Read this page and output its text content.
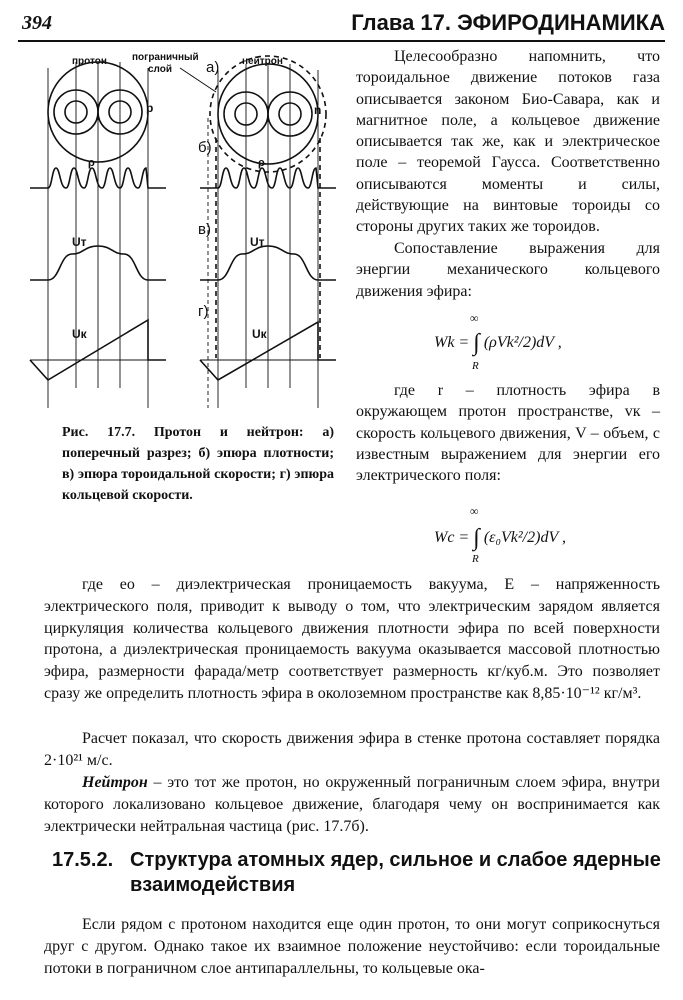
394	Глава 17. ЭФИРОДИНАМИКА
протон	пограничный
слой
нейтрон
а)
б)
в)
г)
р	n
ρ	ρ
Uт	Uт
Uк	Uк
Рис. 17.7. Протон и нейтрон: а) поперечный разрез; б) эпюра плотности; в) эпюра тороидальной скорости; г) эпюра кольцевой скорости.

Целесообразно напомнить, что тороидальное движение потоков газа описывается законом Био-Савара, как и магнитное поле, а кольцевое движение описывается так же, как и электрическое поле – теоремой Гаусса. Соответственно описываются моменты и силы, действующие на винтовые тороиды со стороны других таких же тороидов.

Сопоставление выражения для энергии механического кольцевого движения эфира:

Wk = ∫ (ρVk²/2)dV ,
∞
R

где r – плотность эфира в окружающем протон пространстве, vк – скорость кольцевого движения, V – объем, с известным выражением для энергии его электрического поля:

Wc = ∫ (ε₀Vk²/2)dV ,
∞
R

где eо – диэлектрическая проницаемость вакуума, Е – напряженность электрического поля, приводит к выводу о том, что электрическим зарядом является циркуляция количества кольцевого движения плотности эфира по всей поверхности протона, а диэлектрическая проницаемость вакуума оказывается массовой плотностью эфира, размерности фарада/метр соответствует размерность кг/куб.м. Это позволяет сразу же определить плотность эфира в околоземном пространстве как 8,85·10⁻¹² кг/м³.

Расчет показал, что скорость движения эфира в стенке протона составляет порядка 2·10²¹ м/с.

Нейтрон – это тот же протон, но окруженный пограничным слоем эфира, внутри которого локализовано кольцевое движение, благодаря чему он воспринимается как электрически нейтральная частица (рис. 17.7б).

17.5.2. Структура атомных ядер, сильное и слабое ядерные
взаимодействия

Если рядом с протоном находится еще один протон, то они могут соприкоснуться друг с другом. Однако такое их взаимное положение неустойчиво: если тороидальные потоки в пограничном слое антипараллельны, то кольцевые ока-
